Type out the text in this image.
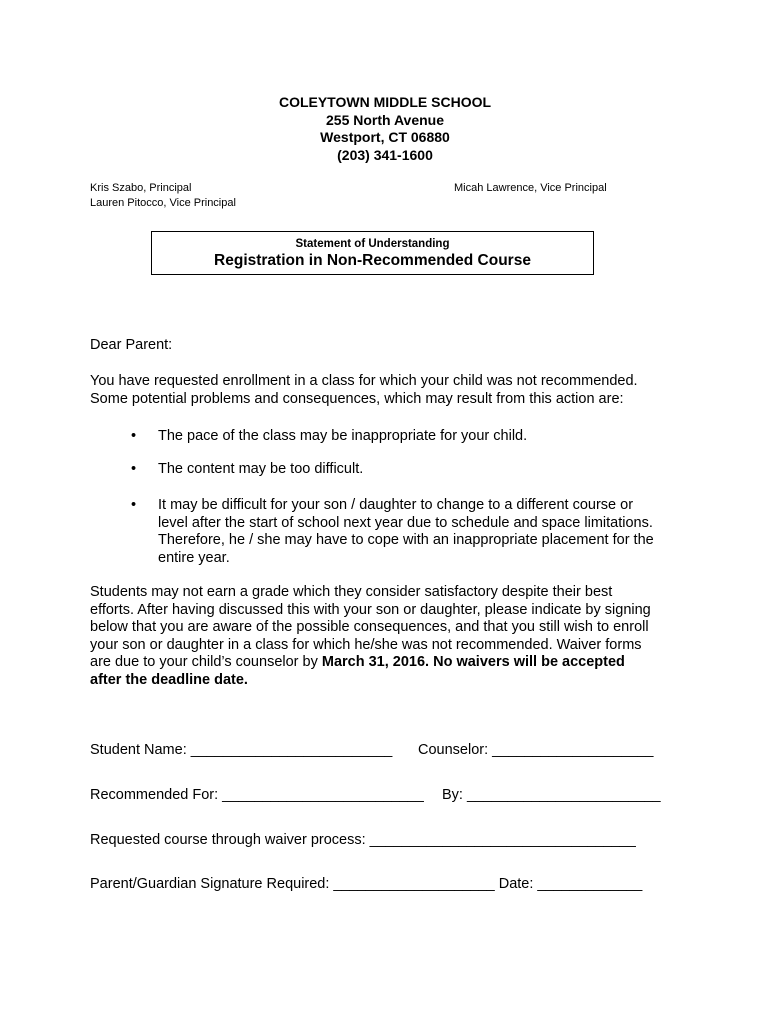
COLEYTOWN MIDDLE SCHOOL
255 North Avenue
Westport, CT 06880
(203) 341-1600
Kris Szabo, Principal
Lauren Pitocco, Vice Principal
Micah Lawrence, Vice Principal
Statement of Understanding
Registration in Non-Recommended Course
Dear Parent:
You have requested enrollment in a class for which your child was not recommended.
Some potential problems and consequences, which may result from this action are:
•	The pace of the class may be inappropriate for your child.
•	The content may be too difficult.
•	It may be difficult for your son / daughter to change to a different course or
level after the start of school next year due to schedule and space limitations.
Therefore, he / she may have to cope with an inappropriate placement for the
entire year.
Students may not earn a grade which they consider satisfactory despite their best
efforts. After having discussed this with your son or daughter, please indicate by signing
below that you are aware of the possible consequences, and that you still wish to enroll
your son or daughter in a class for which he/she was not recommended. Waiver forms
are due to your child’s counselor by March 31, 2016. No waivers will be accepted
after the deadline date.
Student Name: _________________________ Counselor: ____________________
Recommended For: _________________________ By: ________________________
Requested course through waiver process: _________________________________
Parent/Guardian Signature Required: ____________________ Date: _____________
